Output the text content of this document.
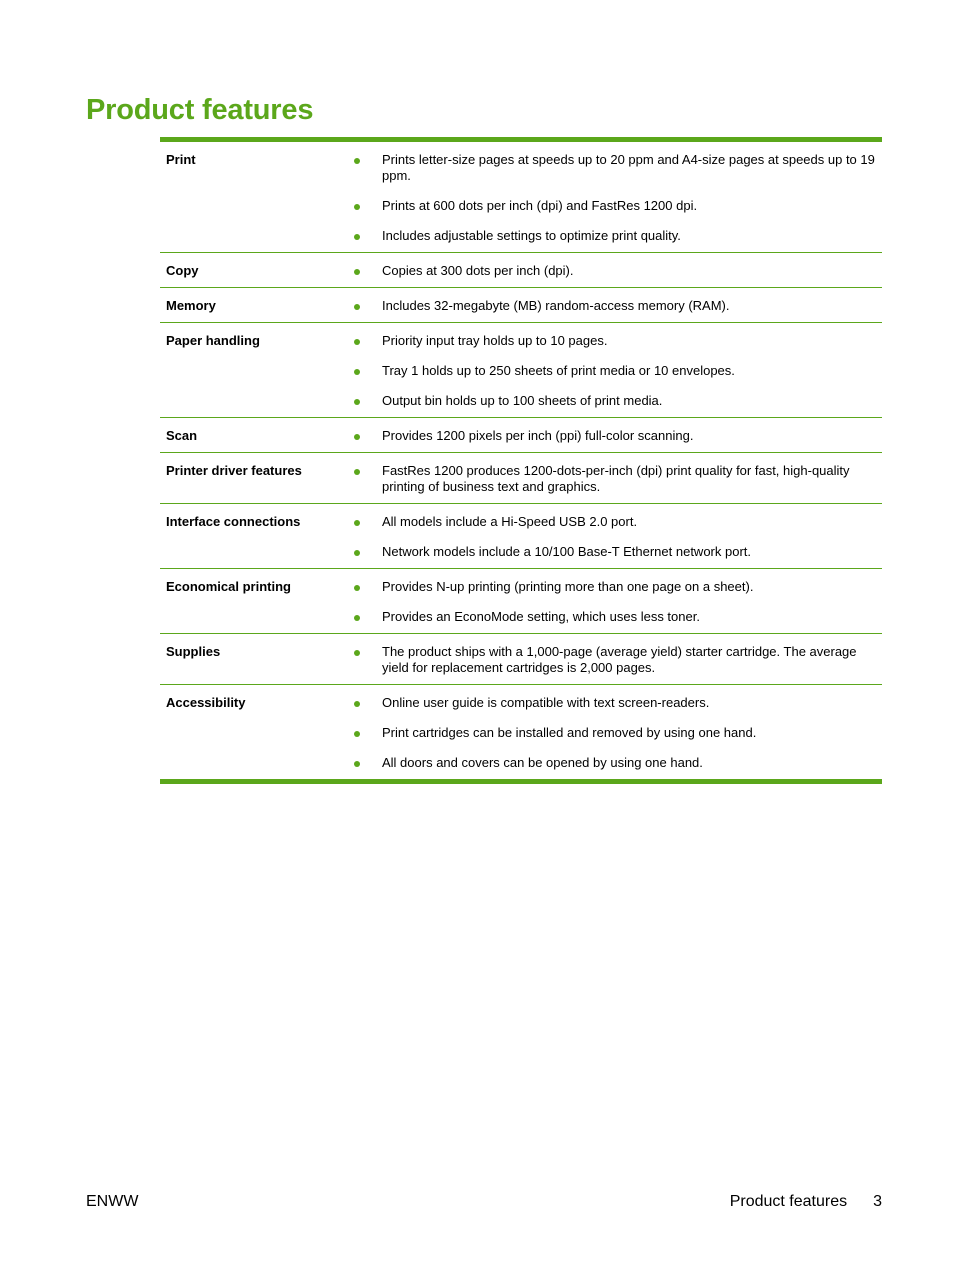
Product features
Print	Prints letter-size pages at speeds up to 20 ppm and A4-size pages at speeds up to 19 ppm.
Prints at 600 dots per inch (dpi) and FastRes 1200 dpi.
Includes adjustable settings to optimize print quality.
Copy	Copies at 300 dots per inch (dpi).
Memory	Includes 32-megabyte (MB) random-access memory (RAM).
Paper handling	Priority input tray holds up to 10 pages.
Tray 1 holds up to 250 sheets of print media or 10 envelopes.
Output bin holds up to 100 sheets of print media.
Scan	Provides 1200 pixels per inch (ppi) full-color scanning.
Printer driver features	FastRes 1200 produces 1200-dots-per-inch (dpi) print quality for fast, high-quality printing of business text and graphics.
Interface connections	All models include a Hi-Speed USB 2.0 port.
Network models include a 10/100 Base-T Ethernet network port.
Economical printing	Provides N-up printing (printing more than one page on a sheet).
Provides an EconoMode setting, which uses less toner.
Supplies	The product ships with a 1,000-page (average yield) starter cartridge. The average yield for replacement cartridges is 2,000 pages.
Accessibility	Online user guide is compatible with text screen-readers.
Print cartridges can be installed and removed by using one hand.
All doors and covers can be opened by using one hand.
ENWW	Product features 3
